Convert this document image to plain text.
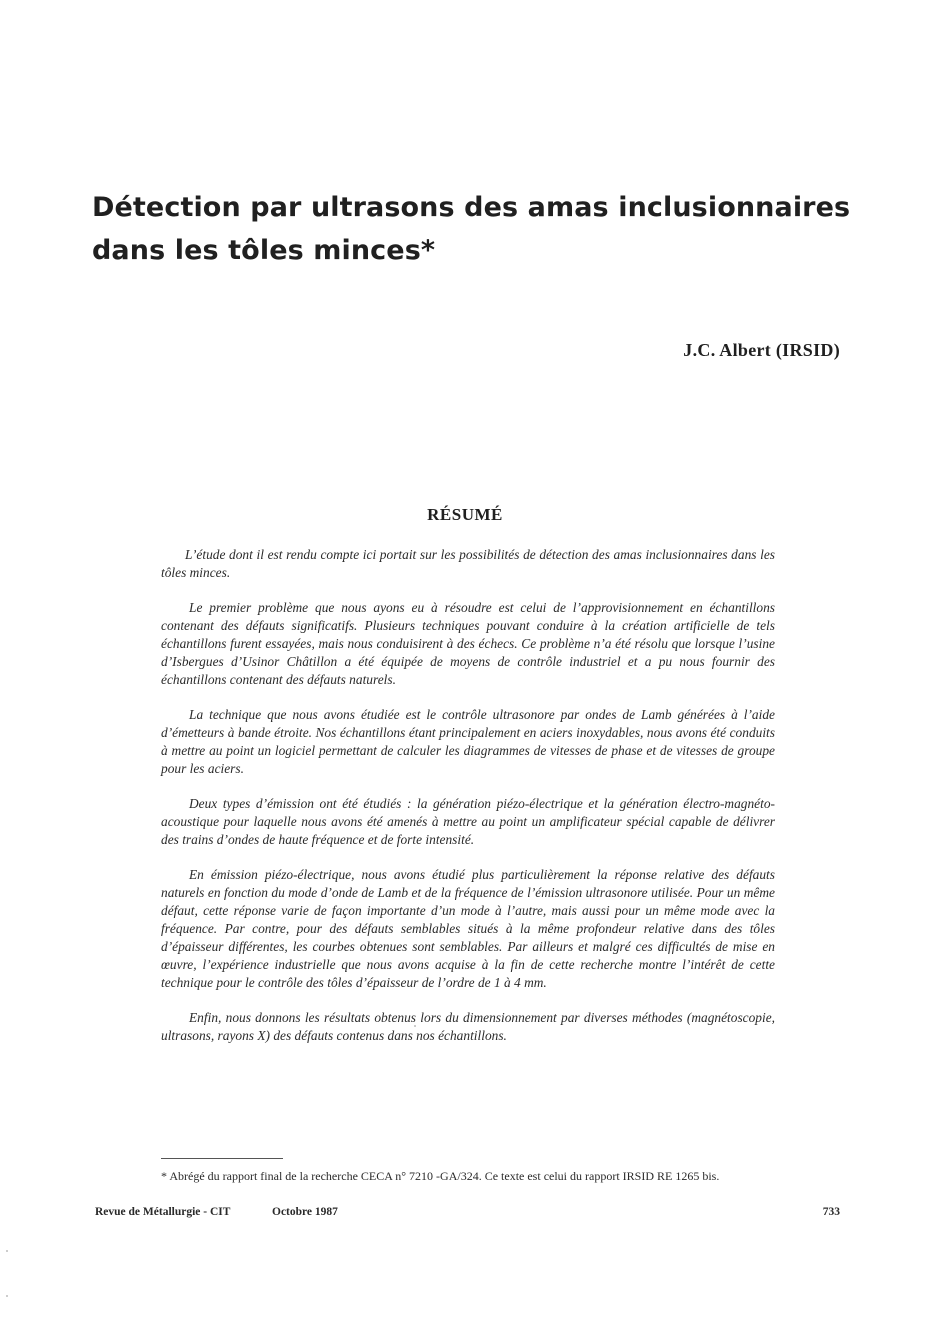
Détection par ultrasons des amas inclusionnaires
dans les tôles minces*
J.C. Albert (IRSID)
RÉSUMÉ

L’étude dont il est rendu compte ici portait sur les possibilités de détection des amas inclusionnaires dans les tôles minces.

Le premier problème que nous ayons eu à résoudre est celui de l’approvisionnement en échantillons contenant des défauts significatifs. Plusieurs techniques pouvant conduire à la création artificielle de tels échantillons furent essayées, mais nous conduisirent à des échecs. Ce problème n’a été résolu que lorsque l’usine d’Isbergues d’Usinor Châtillon a été équipée de moyens de contrôle industriel et a pu nous fournir des échantillons contenant des défauts naturels.

La technique que nous avons étudiée est le contrôle ultrasonore par ondes de Lamb générées à l’aide d’émetteurs à bande étroite. Nos échantillons étant principalement en aciers inoxydables, nous avons été conduits à mettre au point un logiciel permettant de calculer les diagrammes de vitesses de phase et de vitesses de groupe pour les aciers.

Deux types d’émission ont été étudiés : la génération piézo-électrique et la génération électro-magnéto-acoustique pour laquelle nous avons été amenés à mettre au point un amplificateur spécial capable de délivrer des trains d’ondes de haute fréquence et de forte intensité.

En émission piézo-électrique, nous avons étudié plus particulièrement la réponse relative des défauts naturels en fonction du mode d’onde de Lamb et de la fréquence de l’émission ultrasonore utilisée. Pour un même défaut, cette réponse varie de façon importante d’un mode à l’autre, mais aussi pour un même mode avec la fréquence. Par contre, pour des défauts semblables situés à la même profondeur relative dans des tôles d’épaisseur différentes, les courbes obtenues sont semblables. Par ailleurs et malgré ces difficultés de mise en œuvre, l’expérience industrielle que nous avons acquise à la fin de cette recherche montre l’intérêt de cette technique pour le contrôle des tôles d’épaisseur de l’ordre de 1 à 4 mm.

Enfin, nous donnons les résultats obtenus lors du dimensionnement par diverses méthodes (magnétoscopie, ultrasons, rayons X) des défauts contenus dans nos échantillons.

* Abrégé du rapport final de la recherche CECA n° 7210 -GA/324. Ce texte est celui du rapport IRSID RE 1265 bis.
Revue de Métallurgie - CIT	Octobre 1987	733
